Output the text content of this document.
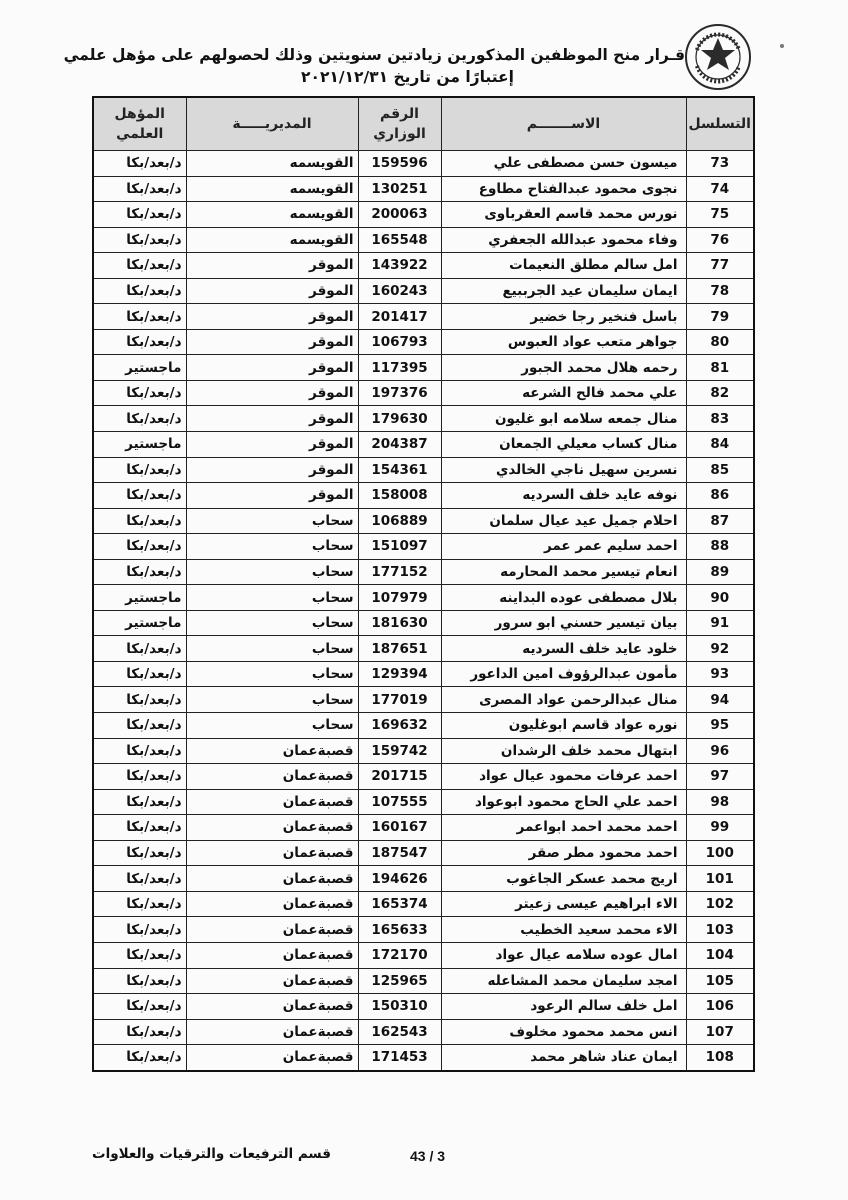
قـرار منح الموظفين المذكورين زيادتين سنويتين وذلك لحصولهم على مؤهل علمي
إعتبارًا من تاريخ ٢٠٢١/١٢/٣١
التسلسل	الاســـــــم	الرقم الوزاري	المديريـــــة	المؤهل العلمي
73	ميسون حسن مصطفى علي	159596	القويسمه	د/بعد/بكا
74	نجوى محمود عبدالفتاح مطاوع	130251	القويسمه	د/بعد/بكا
75	نورس محمد قاسم العقرباوى	200063	القويسمه	د/بعد/بكا
76	وفاء محمود عبدالله الجعفري	165548	القويسمه	د/بعد/بكا
77	امل سالم مطلق النعيمات	143922	الموقر	د/بعد/بكا
78	ايمان سليمان عيد الجرببيع	160243	الموقر	د/بعد/بكا
79	باسل فنخير رجا خضير	201417	الموقر	د/بعد/بكا
80	جواهر متعب عواد العبوس	106793	الموقر	د/بعد/بكا
81	رحمه هلال محمد الجبور	117395	الموقر	ماجستير
82	علي محمد فالح الشرعه	197376	الموقر	د/بعد/بكا
83	منال جمعه سلامه ابو غليون	179630	الموقر	د/بعد/بكا
84	منال كساب معيلي الجمعان	204387	الموقر	ماجستير
85	نسرين سهيل ناجي الخالدي	154361	الموقر	د/بعد/بكا
86	نوفه عايد خلف السرديه	158008	الموقر	د/بعد/بكا
87	احلام جميل عيد عيال سلمان	106889	سحاب	د/بعد/بكا
88	احمد سليم عمر عمر	151097	سحاب	د/بعد/بكا
89	انعام تيسير محمد المحارمه	177152	سحاب	د/بعد/بكا
90	بلال مصطفى عوده البداينه	107979	سحاب	ماجستير
91	بيان تيسير حسني ابو سرور	181630	سحاب	ماجستير
92	خلود عايد خلف السرديه	187651	سحاب	د/بعد/بكا
93	مأمون عبدالرؤوف امين الداعور	129394	سحاب	د/بعد/بكا
94	منال عبدالرحمن عواد المصرى	177019	سحاب	د/بعد/بكا
95	نوره عواد قاسم ابوغليون	169632	سحاب	د/بعد/بكا
96	ابتهال محمد خلف الرشدان	159742	قصبةعمان	د/بعد/بكا
97	احمد عرفات محمود عيال عواد	201715	قصبةعمان	د/بعد/بكا
98	احمد علي الحاج محمود ابوعواد	107555	قصبةعمان	د/بعد/بكا
99	احمد محمد احمد ابواعمر	160167	قصبةعمان	د/بعد/بكا
100	احمد محمود مطر صقر	187547	قصبةعمان	د/بعد/بكا
101	اريج محمد عسكر الجاغوب	194626	قصبةعمان	د/بعد/بكا
102	الاء ابراهيم عيسى زعيتر	165374	قصبةعمان	د/بعد/بكا
103	الاء محمد سعيد الخطيب	165633	قصبةعمان	د/بعد/بكا
104	امال عوده سلامه عيال عواد	172170	قصبةعمان	د/بعد/بكا
105	امجد سليمان محمد المشاعله	125965	قصبةعمان	د/بعد/بكا
106	امل خلف سالم الرعود	150310	قصبةعمان	د/بعد/بكا
107	انس محمد محمود مخلوف	162543	قصبةعمان	د/بعد/بكا
108	ايمان عناد شاهر محمد	171453	قصبةعمان	د/بعد/بكا
43 / 3
قسم الترفيعات والترقيات والعلاوات
